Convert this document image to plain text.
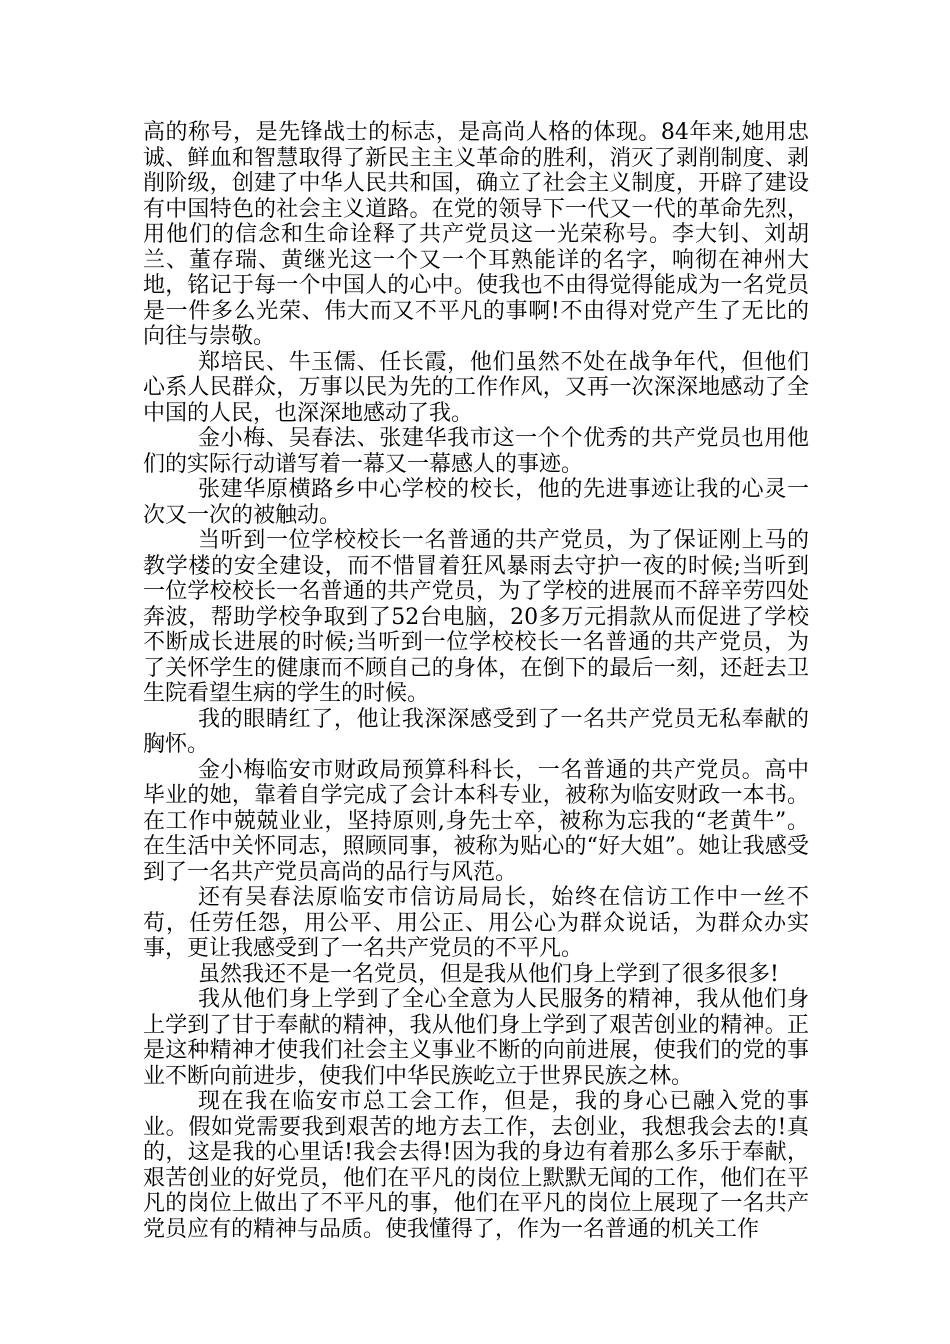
高的称号，是先锋战士的标志，是高尚人格的体现。84年来,她用忠诚、鲜血和智慧取得了新民主主义革命的胜利，消灭了剥削制度、剥削阶级，创建了中华人民共和国，确立了社会主义制度，开辟了建设有中国特色的社会主义道路。在党的领导下一代又一代的革命先烈，用他们的信念和生命诠释了共产党员这一光荣称号。李大钊、刘胡兰、董存瑞、黄继光这一个又一个耳熟能详的名字，响彻在神州大地，铭记于每一个中国人的心中。使我也不由得觉得能成为一名党员是一件多么光荣、伟大而又不平凡的事啊!不由得对党产生了无比的向往与崇敬。

郑培民、牛玉儒、任长霞，他们虽然不处在战争年代，但他们心系人民群众，万事以民为先的工作作风，又再一次深深地感动了全中国的人民，也深深地感动了我。

金小梅、吴春法、张建华我市这一个个优秀的共产党员也用他们的实际行动谱写着一幕又一幕感人的事迹。

张建华原横路乡中心学校的校长，他的先进事迹让我的心灵一次又一次的被触动。

当听到一位学校校长一名普通的共产党员，为了保证刚上马的教学楼的安全建设，而不惜冒着狂风暴雨去守护一夜的时候;当听到一位学校校长一名普通的共产党员，为了学校的进展而不辞辛劳四处奔波，帮助学校争取到了52台电脑，20多万元捐款从而促进了学校不断成长进展的时候;当听到一位学校校长一名普通的共产党员，为了关怀学生的健康而不顾自己的身体，在倒下的最后一刻，还赶去卫生院看望生病的学生的时候。

我的眼睛红了，他让我深深感受到了一名共产党员无私奉献的胸怀。

金小梅临安市财政局预算科科长，一名普通的共产党员。高中毕业的她，靠着自学完成了会计本科专业，被称为临安财政一本书。在工作中兢兢业业，坚持原则,身先士卒，被称为忘我的“老黄牛”。在生活中关怀同志，照顾同事，被称为贴心的“好大姐”。她让我感受到了一名共产党员高尚的品行与风范。

还有吴春法原临安市信访局局长，始终在信访工作中一丝不苟，任劳任怨，用公平、用公正、用公心为群众说话，为群众办实事，更让我感受到了一名共产党员的不平凡。

虽然我还不是一名党员，但是我从他们身上学到了很多很多!

我从他们身上学到了全心全意为人民服务的精神，我从他们身上学到了甘于奉献的精神，我从他们身上学到了艰苦创业的精神。正是这种精神才使我们社会主义事业不断的向前进展，使我们的党的事业不断向前进步，使我们中华民族屹立于世界民族之林。

现在我在临安市总工会工作，但是，我的身心已融入党的事业。假如党需要我到艰苦的地方去工作，去创业，我想我会去的!真的，这是我的心里话!我会去得!因为我的身边有着那么多乐于奉献，艰苦创业的好党员，他们在平凡的岗位上默默无闻的工作，他们在平凡的岗位上做出了不平凡的事，他们在平凡的岗位上展现了一名共产党员应有的精神与品质。使我懂得了，作为一名普通的机关工作
